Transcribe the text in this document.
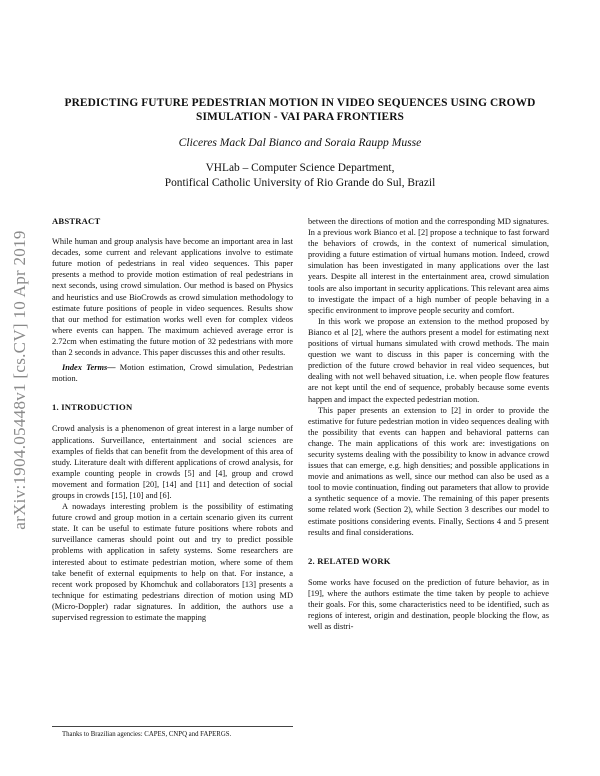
arXiv:1904.05448v1 [cs.CV] 10 Apr 2019
PREDICTING FUTURE PEDESTRIAN MOTION IN VIDEO SEQUENCES USING CROWD SIMULATION - VAI PARA FRONTIERS
Cliceres Mack Dal Bianco and Soraia Raupp Musse
VHLab – Computer Science Department,
Pontifical Catholic University of Rio Grande do Sul, Brazil

ABSTRACT

While human and group analysis have become an important area in last decades, some current and relevant applications involve to estimate future motion of pedestrians in real video sequences. This paper presents a method to provide motion estimation of real pedestrians in next seconds, using crowd simulation. Our method is based on Physics and heuristics and use BioCrowds as crowd simulation methodology to estimate future positions of people in video sequences. Results show that our method for estimation works well even for complex videos where events can happen. The maximum achieved average error is 2.72cm when estimating the future motion of 32 pedestrians with more than 2 seconds in advance. This paper discusses this and other results.

Index Terms— Motion estimation, Crowd simulation, Pedestrian motion.

1. INTRODUCTION

Crowd analysis is a phenomenon of great interest in a large number of applications. Surveillance, entertainment and social sciences are examples of fields that can benefit from the development of this area of study. Literature dealt with different applications of crowd analysis, for example counting people in crowds [5] and [4], group and crowd movement and formation [20], [14] and [11] and detection of social groups in crowds [15], [10] and [6].

A nowadays interesting problem is the possibility of estimating future crowd and group motion in a certain scenario given its current state. It can be useful to estimate future positions where robots and surveillance cameras should point out and try to predict possible problems with application in safety systems. Some researchers are interested about to estimate pedestrian motion, where some of them take benefit of external equipments to help on that. For instance, a recent work proposed by Khomchuk and collaborators [13] presents a technique for estimating pedestrians direction of motion using MD (Micro-Doppler) radar signatures. In addition, the authors use a supervised regression to estimate the mapping

between the directions of motion and the corresponding MD signatures. In a previous work Bianco et al. [2] propose a technique to fast forward the behaviors of crowds, in the context of numerical simulation, providing a future estimation of virtual humans motion. Indeed, crowd simulation has been investigated in many applications over the last years. Despite all interest in the entertainment area, crowd simulation tools are also important in security applications. This relevant area aims to investigate the impact of a high number of people behaving in a specific environment to improve people security and comfort.

In this work we propose an extension to the method proposed by Bianco et al [2], where the authors present a model for estimating next positions of virtual humans simulated with crowd methods. The main question we want to discuss in this paper is concerning with the prediction of the future crowd behavior in real video sequences, but dealing with not well behaved situation, i.e. when people flow features are not kept until the end of sequence, probably because some events happen and impact the expected pedestrian motion.

This paper presents an extension to [2] in order to provide the estimative for future pedestrian motion in video sequences dealing with the possibility that events can happen and behavioral patterns can change. The main applications of this work are: investigations on security systems dealing with the possibility to know in advance crowd issues that can emerge, e.g. high densities; and possible applications in movie and animations as well, since our method can also be used as a tool to movie continuation, finding out parameters that allow to provide a synthetic sequence of a movie. The remaining of this paper presents some related work (Section 2), while Section 3 describes our model to estimate positions considering events. Finally, Sections 4 and 5 present results and final considerations.

2. RELATED WORK

Some works have focused on the prediction of future behavior, as in [19], where the authors estimate the time taken by people to achieve their goals. For this, some characteristics need to be identified, such as regions of interest, origin and destination, people blocking the flow, as well as distri-

Thanks to Brazilian agencies: CAPES, CNPQ and FAPERGS.
